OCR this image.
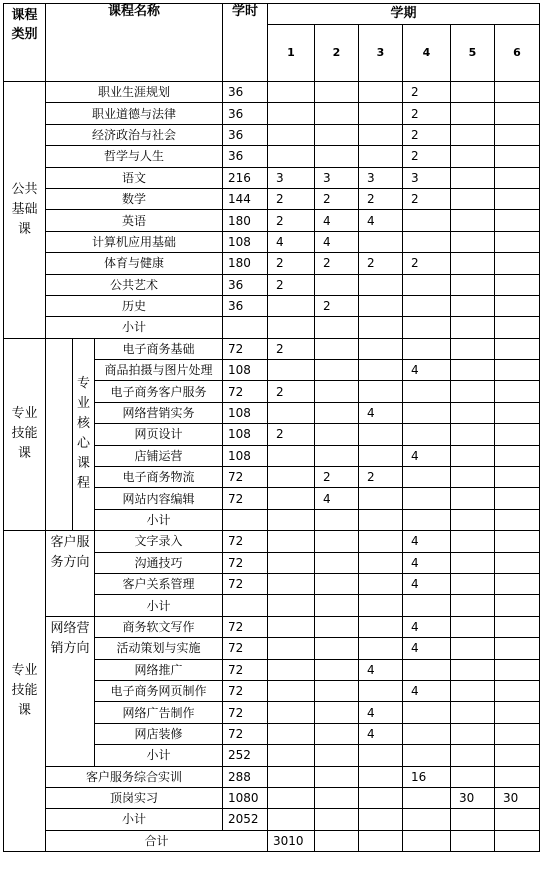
课程类别	课程名称			学时	学期						
					1	2	3	4	5	6	
公共基础课	职业生涯规划			36				2			
	职业道德与法律			36				2			
	经济政治与社会			36				2			
	哲学与人生			36				2			
	语文			216	3	3	3	3			
	数学			144	2	2	2	2			
	英语			180	2	4	4				
	计算机应用基础			108	4	4					
	体育与健康			180	2	2	2	2			
	公共艺术			36	2						
	历史			36		2					
	小计										
专业技能课		专业核心课程	电子商务基础	72	2						
			商品拍摄与图片处理	108				4			
			电子商务客户服务	72	2						
			网络营销实务	108			4				
			网页设计	108	2						
			店铺运营	108				4			
			电子商务物流	72		2	2				
			网站内容编辑	72		4					
			小计								
专业技能课	客户服务方向		文字录入	72				4			
			沟通技巧	72				4			
			客户关系管理	72				4			
			小计								
	网络营销方向		商务软文写作	72				4			
			活动策划与实施	72				4			
			网络推广	72			4				
			电子商务网页制作	72				4			
			网络广告制作	72			4				
			网店装修	72			4				
			小计	252							
	客户服务综合实训			288				16			
	顶岗实习			1080					30	30	
	小计			2052							
	合计				3010						
